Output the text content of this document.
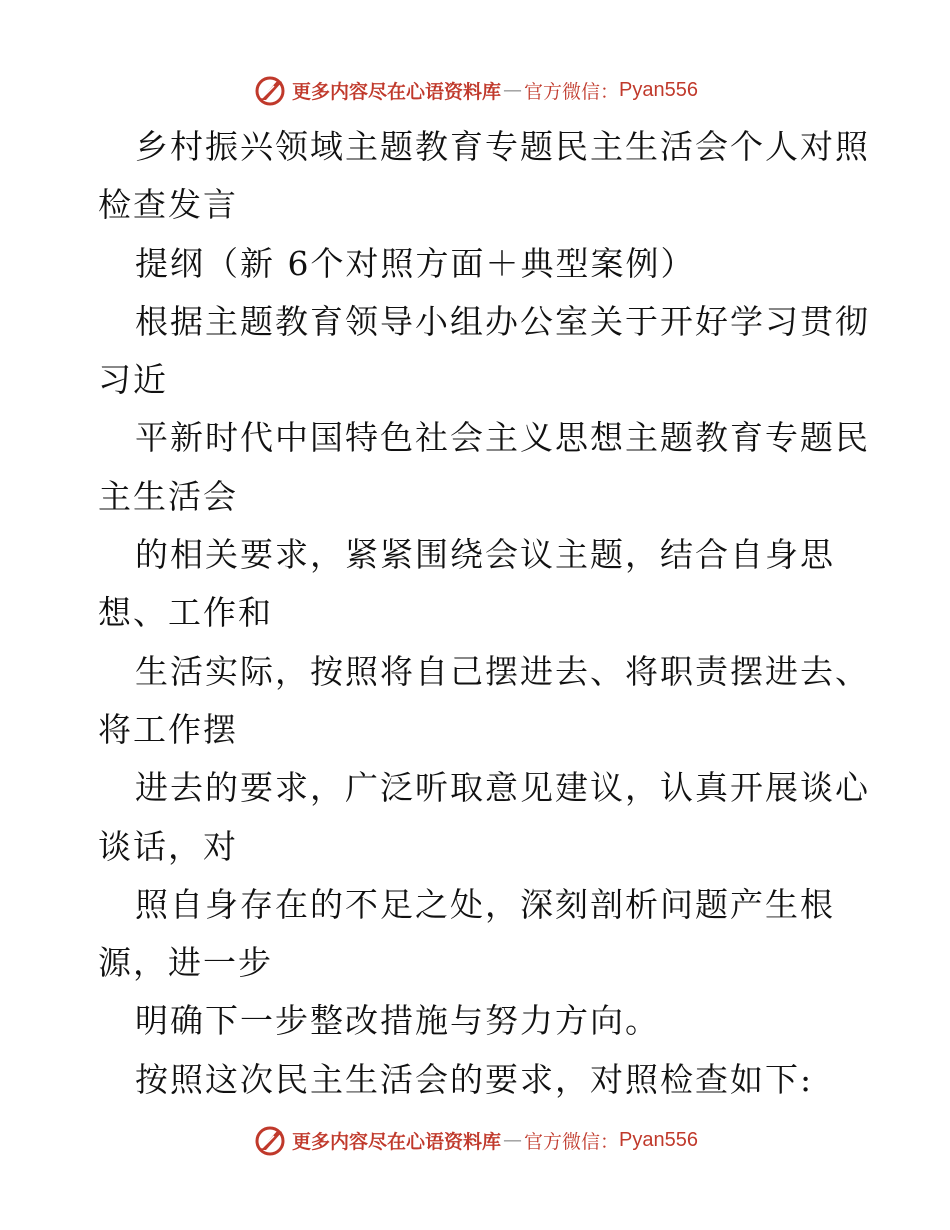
更多内容尽在心语资料库 — 官方微信： Pyan556
乡村振兴领域主题教育专题民主生活会个人对照
检查发言
提纲（新 6个对照方面＋典型案例）
根据主题教育领导小组办公室关于开好学习贯彻
习近
平新时代中国特色社会主义思想主题教育专题民
主生活会
的相关要求，紧紧围绕会议主题，结合自身思
想、工作和
生活实际，按照将自己摆进去、将职责摆进去、
将工作摆
进去的要求，广泛听取意见建议，认真开展谈心
谈话，对
照自身存在的不足之处，深刻剖析问题产生根
源，进一步
明确下一步整改措施与努力方向。
按照这次民主生活会的要求，对照检查如下:
更多内容尽在心语资料库 — 官方微信： Pyan556
